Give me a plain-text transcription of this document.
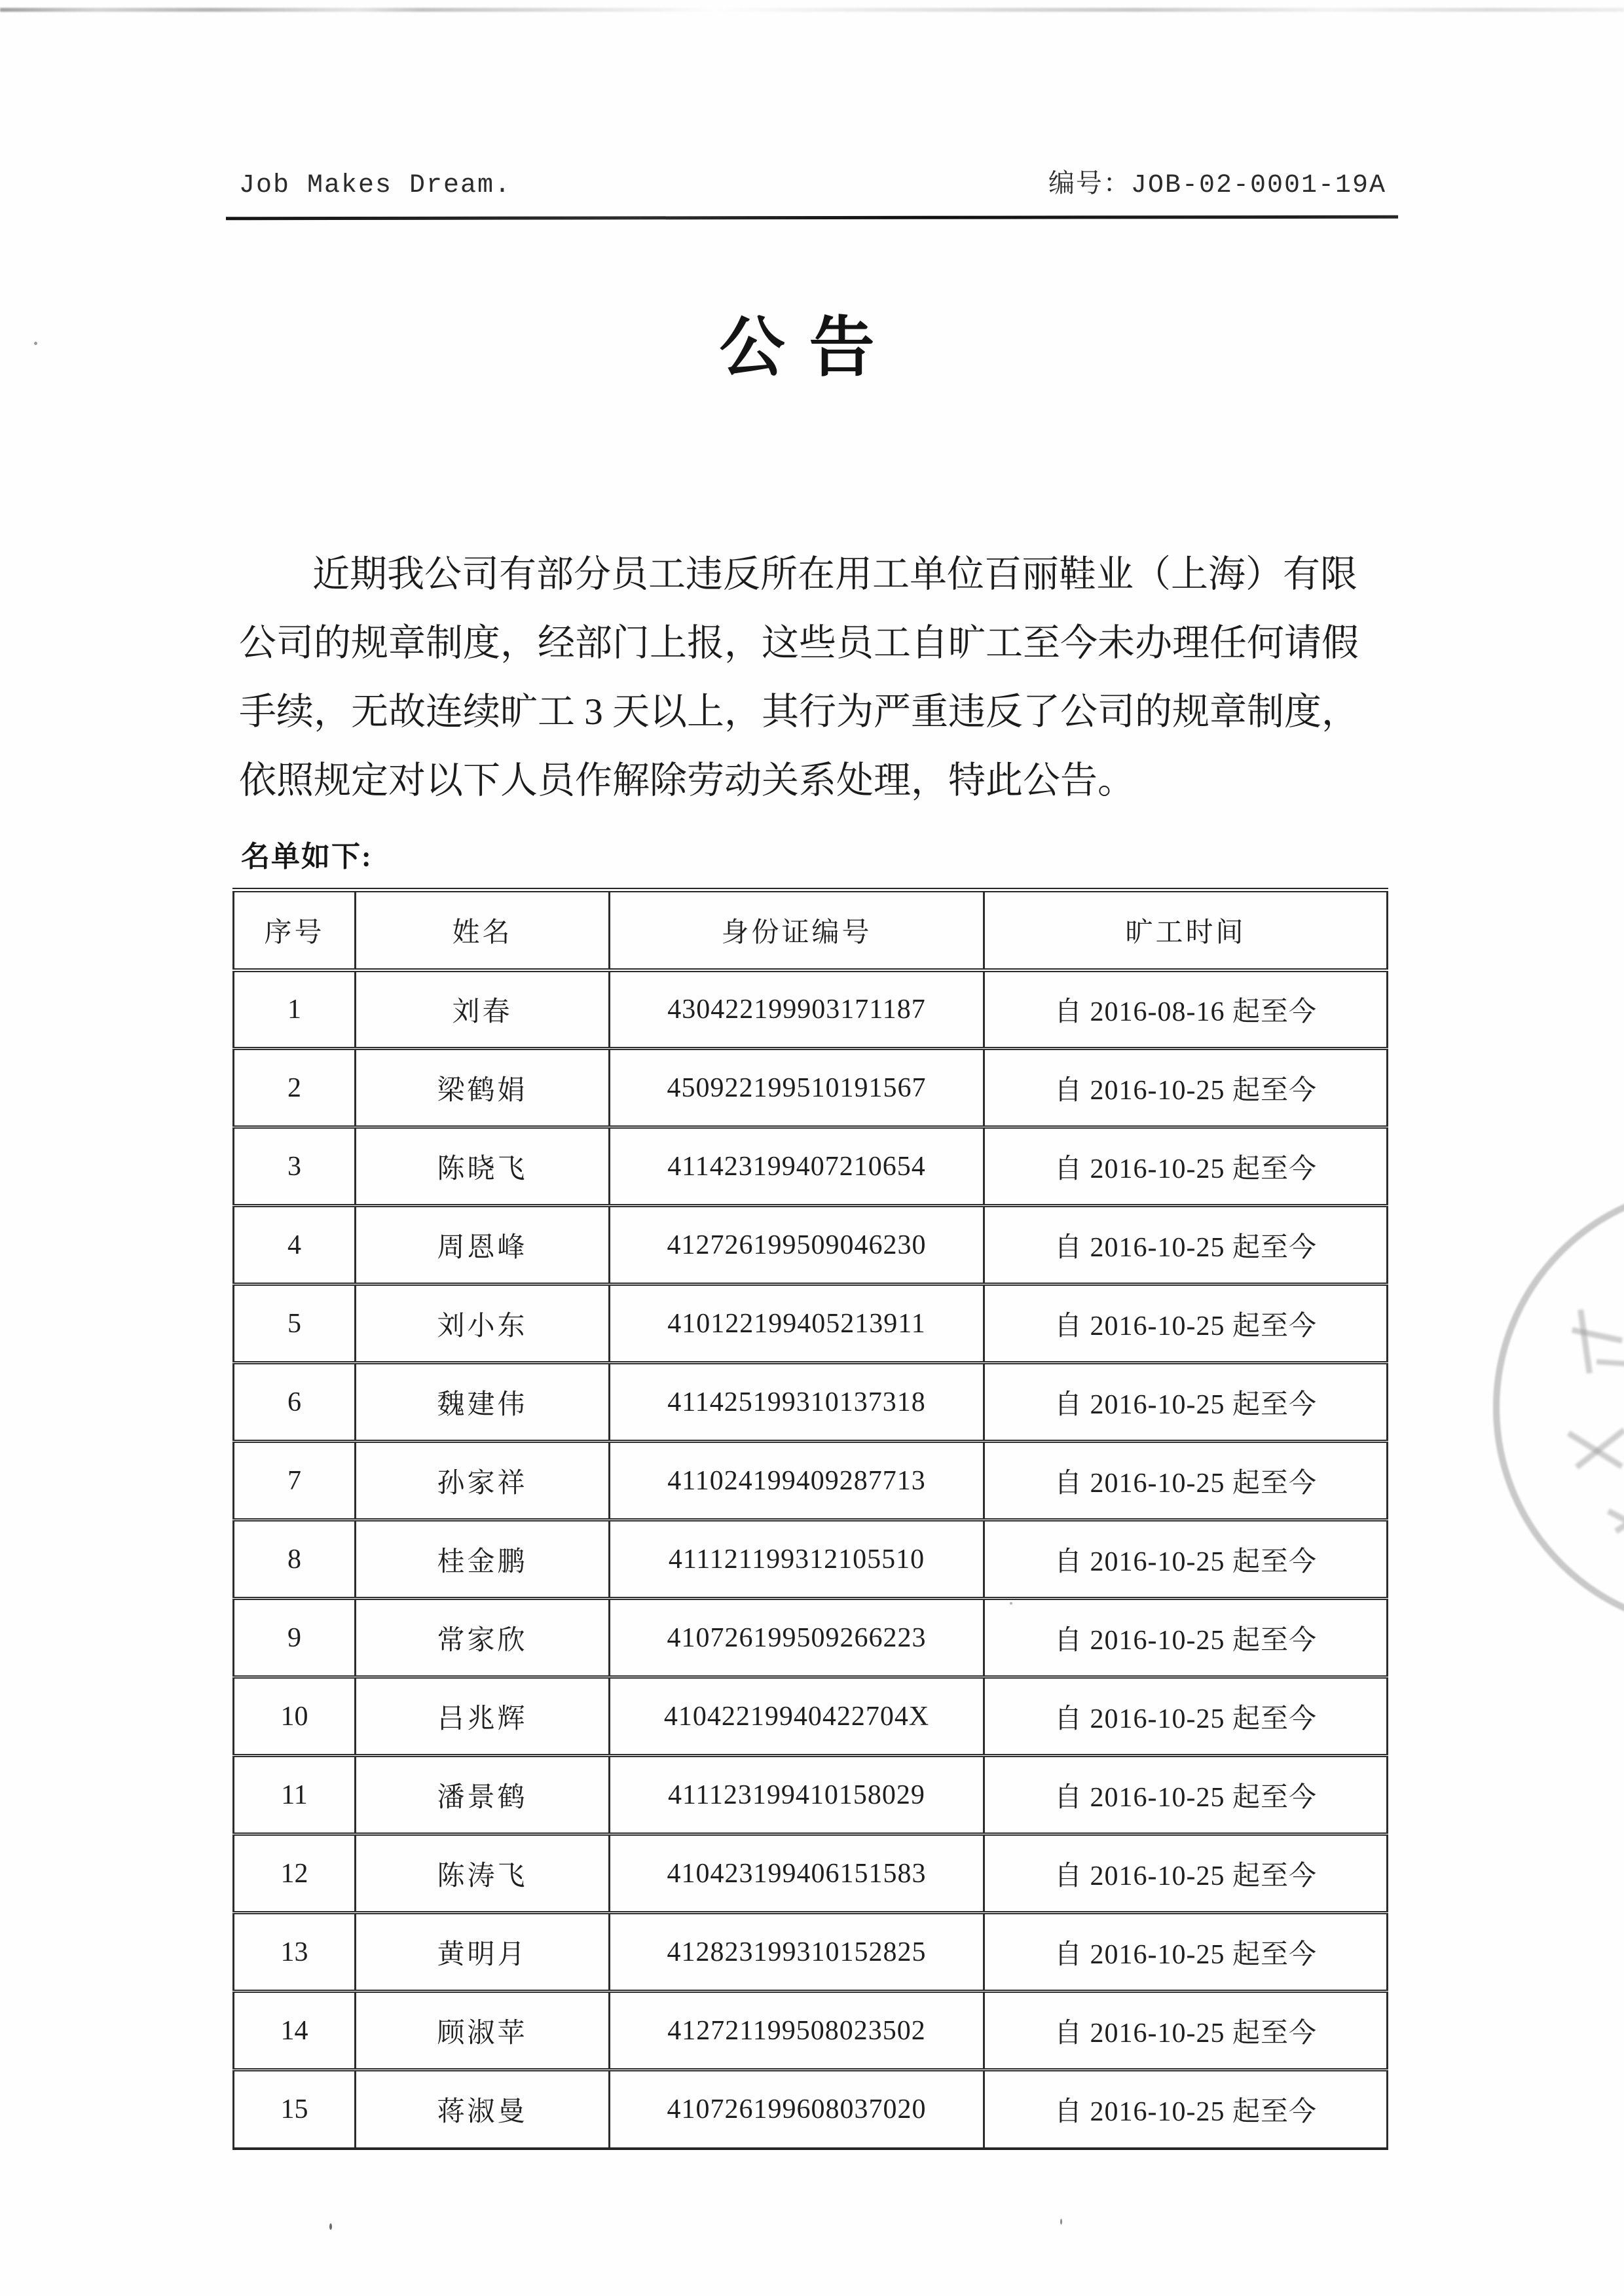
Job Makes Dream.	编号：JOB-02-0001-19A
公 告
近期我公司有部分员工违反所在用工单位百丽鞋业（上海）有限
公司的规章制度，经部门上报，这些员工自旷工至今未办理任何请假
手续，无故连续旷工 3 天以上，其行为严重违反了公司的规章制度，
依照规定对以下人员作解除劳动关系处理，特此公告。
名单如下:
序号	姓名	身份证编号	旷工时间
1	刘春	430422199903171187	自 2016-08-16 起至今
2	梁鹤娟	450922199510191567	自 2016-10-25 起至今
3	陈晓飞	411423199407210654	自 2016-10-25 起至今
4	周恩峰	412726199509046230	自 2016-10-25 起至今
5	刘小东	410122199405213911	自 2016-10-25 起至今
6	魏建伟	411425199310137318	自 2016-10-25 起至今
7	孙家祥	411024199409287713	自 2016-10-25 起至今
8	桂金鹏	411121199312105510	自 2016-10-25 起至今
9	常家欣	410726199509266223	自 2016-10-25 起至今
10	吕兆辉	41042219940422704X	自 2016-10-25 起至今
11	潘景鹤	411123199410158029	自 2016-10-25 起至今
12	陈涛飞	410423199406151583	自 2016-10-25 起至今
13	黄明月	412823199310152825	自 2016-10-25 起至今
14	顾淑苹	412721199508023502	自 2016-10-25 起至今
15	蒋淑曼	410726199608037020	自 2016-10-25 起至今
